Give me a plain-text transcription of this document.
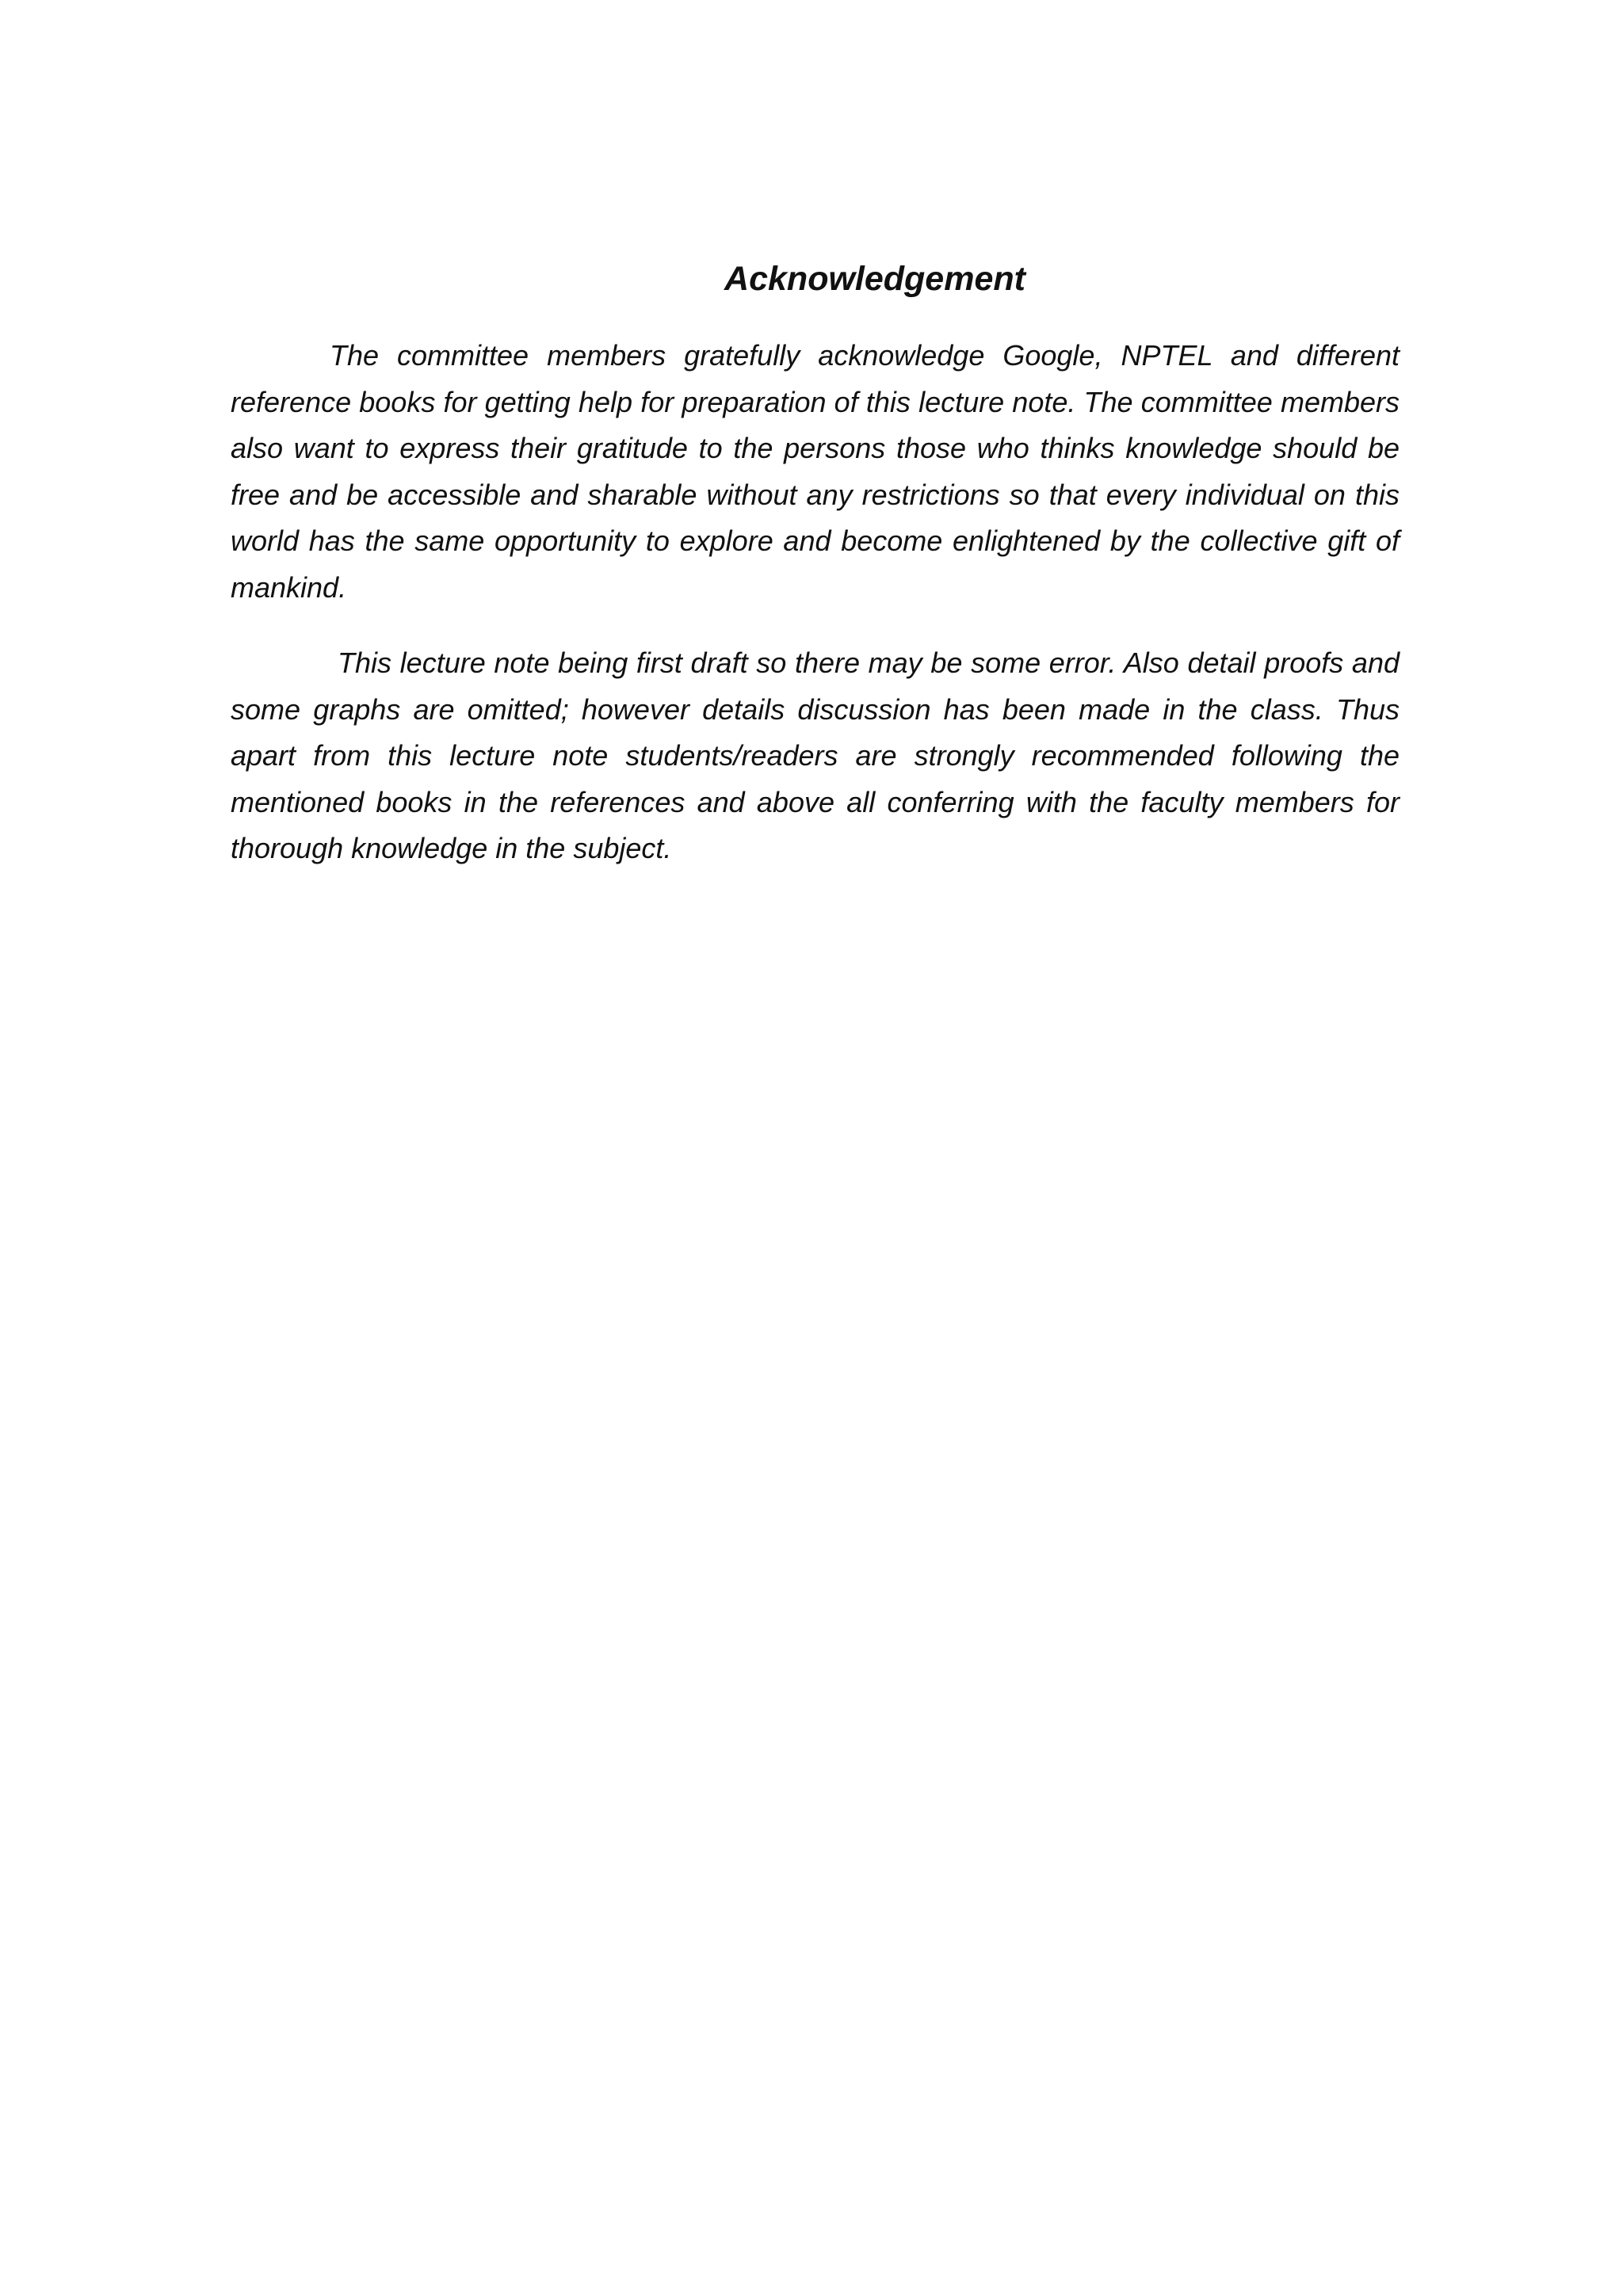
Acknowledgement

The committee members gratefully acknowledge Google, NPTEL and different reference books for getting help for preparation of this lecture note. The committee members also want to express their gratitude to the persons those who thinks knowledge should be free and be accessible and sharable without any restrictions so that every individual on this world has the same opportunity to explore and become enlightened by the collective gift of mankind.

This lecture note being first draft so there may be some error. Also detail proofs and some graphs are omitted; however details discussion has been made in the class. Thus apart from this lecture note students/readers are strongly recommended following the mentioned books in the references and above all conferring with the faculty members for thorough knowledge in the subject.
